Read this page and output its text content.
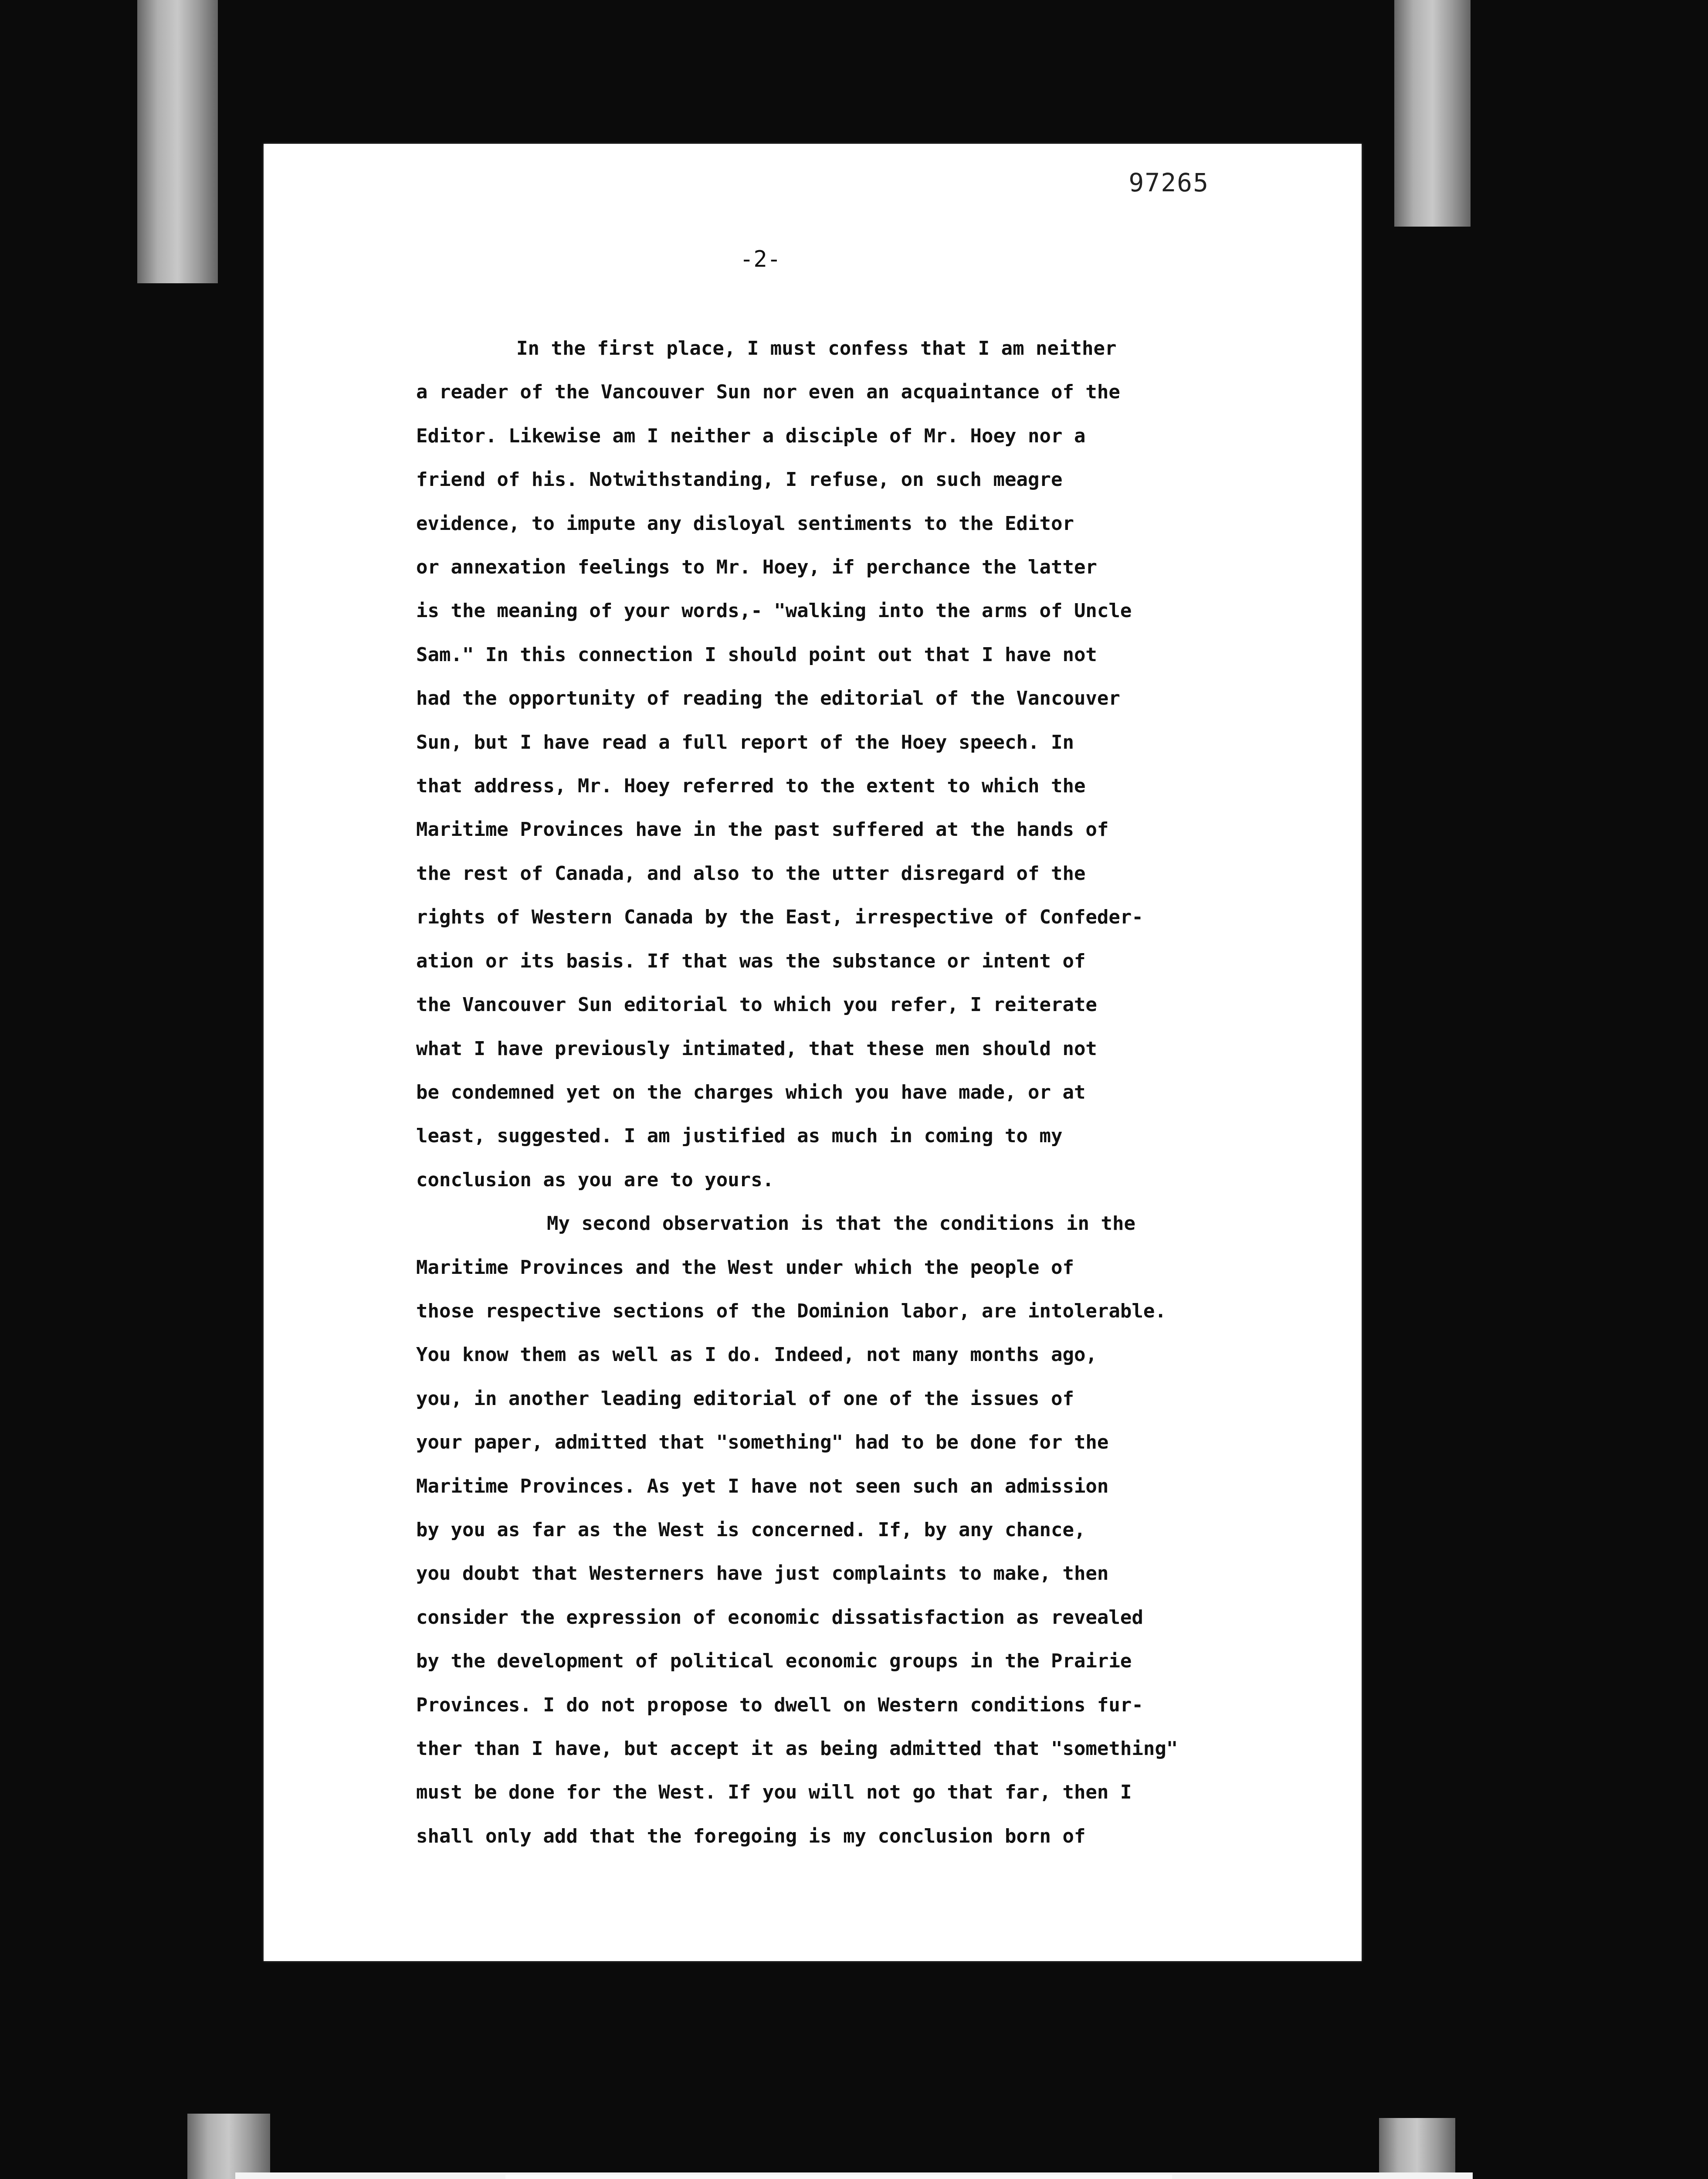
97265
-2-
In the first place, I must confess that I am neither
a reader of the Vancouver Sun nor even an acquaintance of the
Editor. Likewise am I neither a disciple of Mr. Hoey nor a
friend of his. Notwithstanding, I refuse, on such meagre
evidence, to impute any disloyal sentiments to the Editor
or annexation feelings to Mr. Hoey, if perchance the latter
is the meaning of your words,- "walking into the arms of Uncle
Sam." In this connection I should point out that I have not
had the opportunity of reading the editorial of the Vancouver
Sun, but I have read a full report of the Hoey speech. In
that address, Mr. Hoey referred to the extent to which the
Maritime Provinces have in the past suffered at the hands of
the rest of Canada, and also to the utter disregard of the
rights of Western Canada by the East, irrespective of Confeder-
ation or its basis. If that was the substance or intent of
the Vancouver Sun editorial to which you refer, I reiterate
what I have previously intimated, that these men should not
be condemned yet on the charges which you have made, or at
least, suggested. I am justified as much in coming to my
conclusion as you are to yours.
My second observation is that the conditions in the
Maritime Provinces and the West under which the people of
those respective sections of the Dominion labor, are intolerable.
You know them as well as I do. Indeed, not many months ago,
you, in another leading editorial of one of the issues of
your paper, admitted that "something" had to be done for the
Maritime Provinces. As yet I have not seen such an admission
by you as far as the West is concerned. If, by any chance,
you doubt that Westerners have just complaints to make, then
consider the expression of economic dissatisfaction as revealed
by the development of political economic groups in the Prairie
Provinces. I do not propose to dwell on Western conditions fur-
ther than I have, but accept it as being admitted that "something"
must be done for the West. If you will not go that far, then I
shall only add that the foregoing is my conclusion born of
